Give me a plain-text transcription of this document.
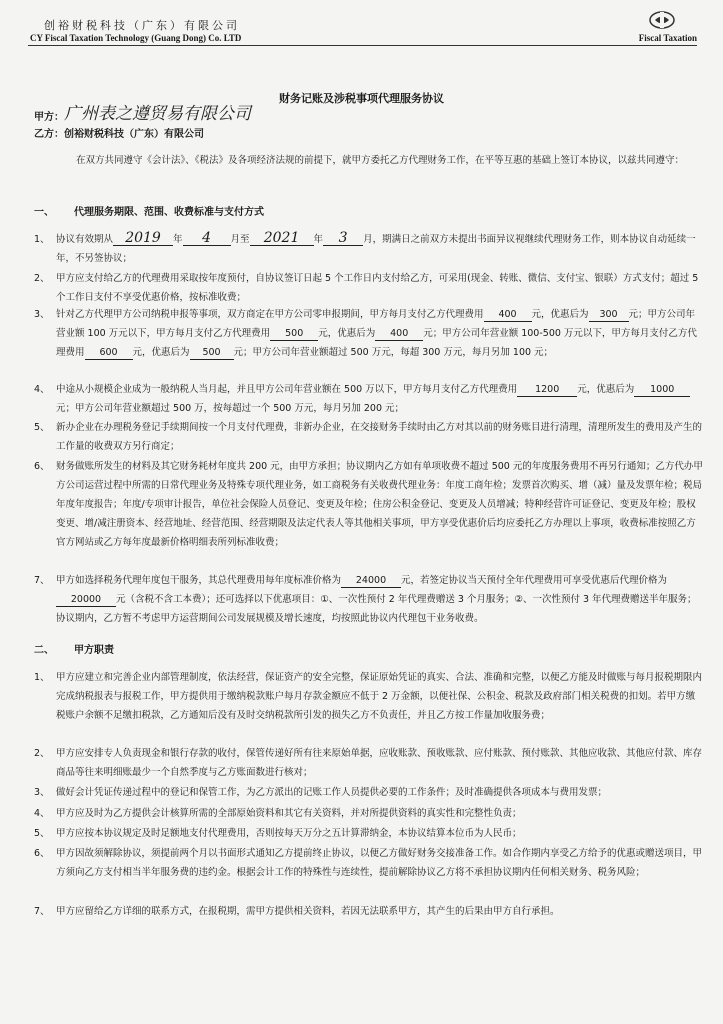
创裕财税科技（广东）有限公司
CY Fiscal Taxation Technology (Guang Dong) Co. LTD	Fiscal Taxation
财务记账及涉税事项代理服务协议
甲方： 广州表之遵贸易有限公司
乙方：创裕财税科技（广东）有限公司
在双方共同遵守《会计法》、《税法》及各项经济法规的前提下，就甲方委托乙方代理财务工作，在平等互惠的基础上签订本协议，以兹共同遵守：
一、 代理服务期限、范围、收费标准与支付方式
1、 协议有效期从 2019 年 4 月至 2021 年 3 月，期满日之前双方未提出书面异议视继续代理财务工作，则本协议自动延续一年，不另签协议；
2、 甲方应支付给乙方的代理费用采取按年度预付，自协议签订日起 5 个工作日内支付给乙方，可采用(现金、转账、微信、支付宝、银联）方式支付；超过 5 个工作日支付不享受优惠价格，按标准收费；
3、 针对乙方代理甲方公司纳税申报等事项，双方商定在甲方公司零申报期间，甲方每月支付乙方代理费用 400 元，优惠后为 300 元；甲方公司年营业额 100 万元以下，甲方每月支付乙方代理费用 500 元，优惠后为 400 元；甲方公司年营业额 100-500 万元以下，甲方每月支付乙方代理费用 600 元，优惠后为 500 元；甲方公司年营业额超过 500 万元，每超 300 万元，每月另加 100 元；
4、 中途从小规模企业成为一般纳税人当月起，并且甲方公司年营业额在 500 万以下，甲方每月支付乙方代理费用 1200 元，优惠后为 1000元；甲方公司年营业额超过 500 万，按每超过一个 500 万元，每月另加 200 元；
5、 新办企业在办理税务登记手续期间按一个月支付代理费，非新办企业，在交接财务手续时由乙方对其以前的财务账目进行清理，清理所发生的费用及产生的工作量的收费双方另行商定；
6、 财务做账所发生的材料及其它财务耗材年度共 200 元，由甲方承担；协议期内乙方如有单项收费不超过 500 元的年度服务费用不再另行通知；乙方代办甲方公司运营过程中所需的日常代理业务及特殊专项代理业务，如工商税务有关收费代理业务：年度工商年检；发票首次购买、增（减）量及发票年检；税局年度年度报告；年度/专项审计报告，单位社会保险人员登记、变更及年检；住房公积金登记、变更及人员增减；特种经营许可证登记、变更及年检；股权变更、增/减注册资本、经营地址、经营范围、经营期限及法定代表人等其他相关事项，甲方享受优惠价后均应委托乙方办理以上事项，收费标准按照乙方官方网站或乙方每年度最新价格明细表所列标准收费；
7、 甲方如选择税务代理年度包干服务，其总代理费用每年度标准价格为 24000 元，若签定协议当天预付全年代理费用可享受优惠后代理价格为20000 元（含税不含工本费）；还可选择以下优惠项目：①、一次性预付 2 年代理费赠送 3 个月服务；②、一次性预付 3 年代理费赠送半年服务；协议期内，乙方暂不考虑甲方运营期间公司发展规模及增长速度，均按照此协议内代理包干业务收费。
二、 甲方职责
1、 甲方应建立和完善企业内部管理制度，依法经营，保证资产的安全完整，保证原始凭证的真实、合法、准确和完整，以便乙方能及时做账与每月报税期限内完成纳税报表与报税工作，甲方提供用于缴纳税款账户每月存款金额应不低于 2 万金额，以便社保、公积金、税款及政府部门相关税费的扣划。若甲方缴税账户余额不足缴扣税款，乙方通知后没有及时交纳税款所引发的损失乙方不负责任，并且乙方按工作量加收服务费；
2、 甲方应安排专人负责现金和银行存款的收付，保管传递好所有往来原始单据，应收账款、预收账款、应付账款、预付账款、其他应收款、其他应付款、库存商品等往来明细账最少一个自然季度与乙方账面数进行核对；
3、 做好会计凭证传递过程中的登记和保管工作，为乙方派出的记账工作人员提供必要的工作条件；及时准确提供各项成本与费用发票；
4、 甲方应及时为乙方提供会计核算所需的全部原始资料和其它有关资料，并对所提供资料的真实性和完整性负责；
5、 甲方应按本协议规定及时足额地支付代理费用，否则按每天万分之五计算滞纳金，本协议结算本位币为人民币；
6、 甲方因故须解除协议，须提前两个月以书面形式通知乙方提前终止协议，以便乙方做好财务交接准备工作。如合作期内享受乙方给予的优惠或赠送项目，甲方须向乙方支付相当半年服务费的违约金。根据会计工作的特殊性与连续性，提前解除协议乙方将不承担协议期内任何相关财务、税务风险；
7、 甲方应留给乙方详细的联系方式，在报税期，需甲方提供相关资料，若因无法联系甲方，其产生的后果由甲方自行承担。
